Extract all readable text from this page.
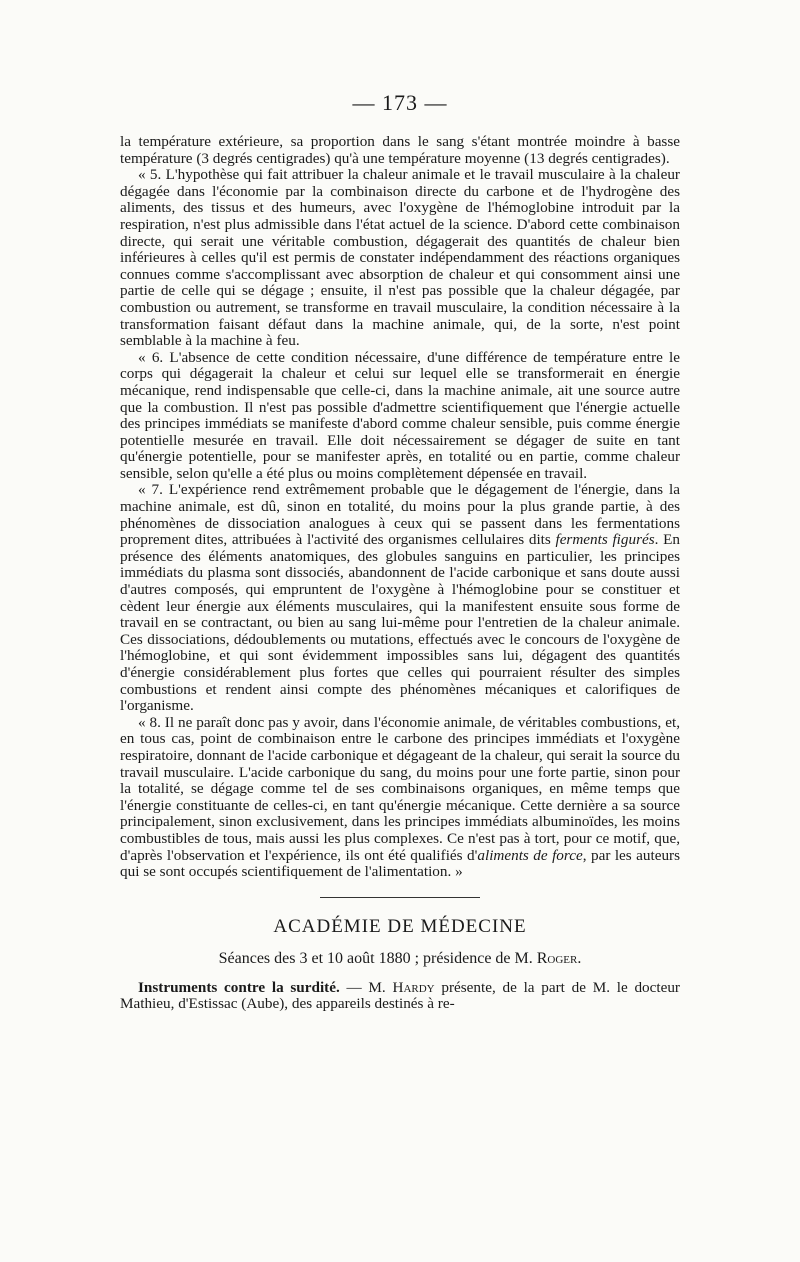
— 173 —

la température extérieure, sa proportion dans le sang s'étant montrée moindre à basse température (3 degrés centigrades) qu'à une température moyenne (13 degrés centigrades).

« 5. L'hypothèse qui fait attribuer la chaleur animale et le travail musculaire à la chaleur dégagée dans l'économie par la combinaison directe du carbone et de l'hydrogène des aliments, des tissus et des humeurs, avec l'oxygène de l'hémoglobine introduit par la respiration, n'est plus admissible dans l'état actuel de la science. D'abord cette combinaison directe, qui serait une véritable combustion, dégagerait des quantités de chaleur bien inférieures à celles qu'il est permis de constater indépendamment des réactions organiques connues comme s'accomplissant avec absorption de chaleur et qui consomment ainsi une partie de celle qui se dégage ; ensuite, il n'est pas possible que la chaleur dégagée, par combustion ou autrement, se transforme en travail musculaire, la condition nécessaire à la transformation faisant défaut dans la machine animale, qui, de la sorte, n'est point semblable à la machine à feu.

« 6. L'absence de cette condition nécessaire, d'une différence de température entre le corps qui dégagerait la chaleur et celui sur lequel elle se transformerait en énergie mécanique, rend indispensable que celle-ci, dans la machine animale, ait une source autre que la combustion. Il n'est pas possible d'admettre scientifiquement que l'énergie actuelle des principes immédiats se manifeste d'abord comme chaleur sensible, puis comme énergie potentielle mesurée en travail. Elle doit nécessairement se dégager de suite en tant qu'énergie potentielle, pour se manifester après, en totalité ou en partie, comme chaleur sensible, selon qu'elle a été plus ou moins complètement dépensée en travail.

« 7. L'expérience rend extrêmement probable que le dégagement de l'énergie, dans la machine animale, est dû, sinon en totalité, du moins pour la plus grande partie, à des phénomènes de dissociation analogues à ceux qui se passent dans les fermentations proprement dites, attribuées à l'activité des organismes cellulaires dits ferments figurés. En présence des éléments anatomiques, des globules sanguins en particulier, les principes immédiats du plasma sont dissociés, abandonnent de l'acide carbonique et sans doute aussi d'autres composés, qui empruntent de l'oxygène à l'hémoglobine pour se constituer et cèdent leur énergie aux éléments musculaires, qui la manifestent ensuite sous forme de travail en se contractant, ou bien au sang lui-même pour l'entretien de la chaleur animale. Ces dissociations, dédoublements ou mutations, effectués avec le concours de l'oxygène de l'hémoglobine, et qui sont évidemment impossibles sans lui, dégagent des quantités d'énergie considérablement plus fortes que celles qui pourraient résulter des simples combustions et rendent ainsi compte des phénomènes mécaniques et calorifiques de l'organisme.

« 8. Il ne paraît donc pas y avoir, dans l'économie animale, de véritables combustions, et, en tous cas, point de combinaison entre le carbone des principes immédiats et l'oxygène respiratoire, donnant de l'acide carbonique et dégageant de la chaleur, qui serait la source du travail musculaire. L'acide carbonique du sang, du moins pour une forte partie, sinon pour la totalité, se dégage comme tel de ses combinaisons organiques, en même temps que l'énergie constituante de celles-ci, en tant qu'énergie mécanique. Cette dernière a sa source principalement, sinon exclusivement, dans les principes immédiats albuminoïdes, les moins combustibles de tous, mais aussi les plus complexes. Ce n'est pas à tort, pour ce motif, que, d'après l'observation et l'expérience, ils ont été qualifiés d'aliments de force, par les auteurs qui se sont occupés scientifiquement de l'alimentation. »

ACADÉMIE DE MÉDECINE
Séances des 3 et 10 août 1880 ; présidence de M. Roger.

Instruments contre la surdité. — M. Hardy présente, de la part de M. le docteur Mathieu, d'Estissac (Aube), des appareils destinés à re-
